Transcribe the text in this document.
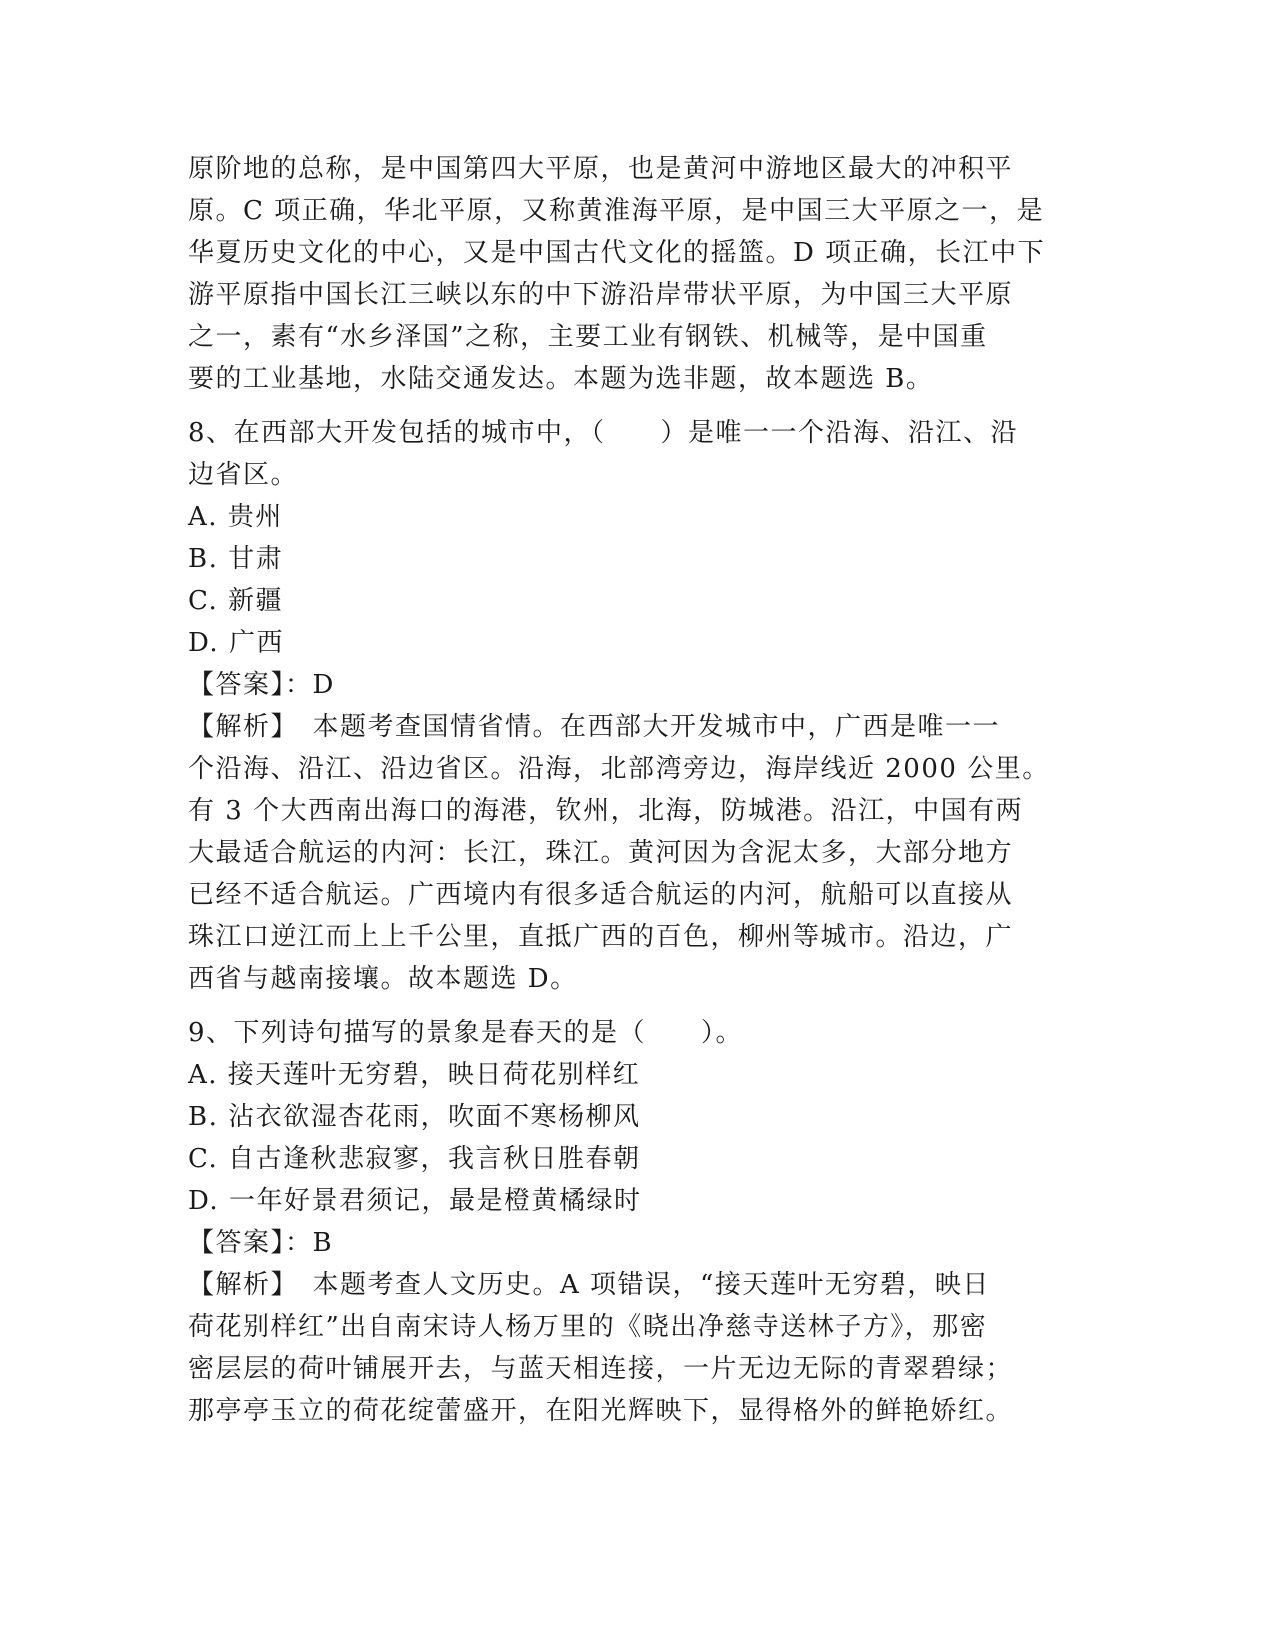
原阶地的总称，是中国第四大平原，也是黄河中游地区最大的冲积平
原。C 项正确，华北平原，又称黄淮海平原，是中国三大平原之一，是
华夏历史文化的中心，又是中国古代文化的摇篮。D 项正确，长江中下
游平原指中国长江三峡以东的中下游沿岸带状平原，为中国三大平原
之一，素有“水乡泽国”之称，主要工业有钢铁、机械等，是中国重
要的工业基地，水陆交通发达。本题为选非题，故本题选 B。
8、在西部大开发包括的城市中，（　　）是唯一一个沿海、沿江、沿
边省区。
A. 贵州
B. 甘肃
C. 新疆
D. 广西
【答案】：D
【解析】　本题考查国情省情。在西部大开发城市中，广西是唯一一
个沿海、沿江、沿边省区。沿海，北部湾旁边，海岸线近 2000 公里。
有 3 个大西南出海口的海港，钦州，北海，防城港。沿江，中国有两
大最适合航运的内河：长江，珠江。黄河因为含泥太多，大部分地方
已经不适合航运。广西境内有很多适合航运的内河，航船可以直接从
珠江口逆江而上上千公里，直抵广西的百色，柳州等城市。沿边，广
西省与越南接壤。故本题选 D。
9、下列诗句描写的景象是春天的是（　　）。
A. 接天莲叶无穷碧，映日荷花别样红
B. 沾衣欲湿杏花雨，吹面不寒杨柳风
C. 自古逢秋悲寂寥，我言秋日胜春朝
D. 一年好景君须记，最是橙黄橘绿时
【答案】：B
【解析】　本题考查人文历史。A 项错误，“接天莲叶无穷碧，映日
荷花别样红”出自南宋诗人杨万里的《晓出净慈寺送林子方》，那密
密层层的荷叶铺展开去，与蓝天相连接，一片无边无际的青翠碧绿；
那亭亭玉立的荷花绽蕾盛开，在阳光辉映下，显得格外的鲜艳娇红。
